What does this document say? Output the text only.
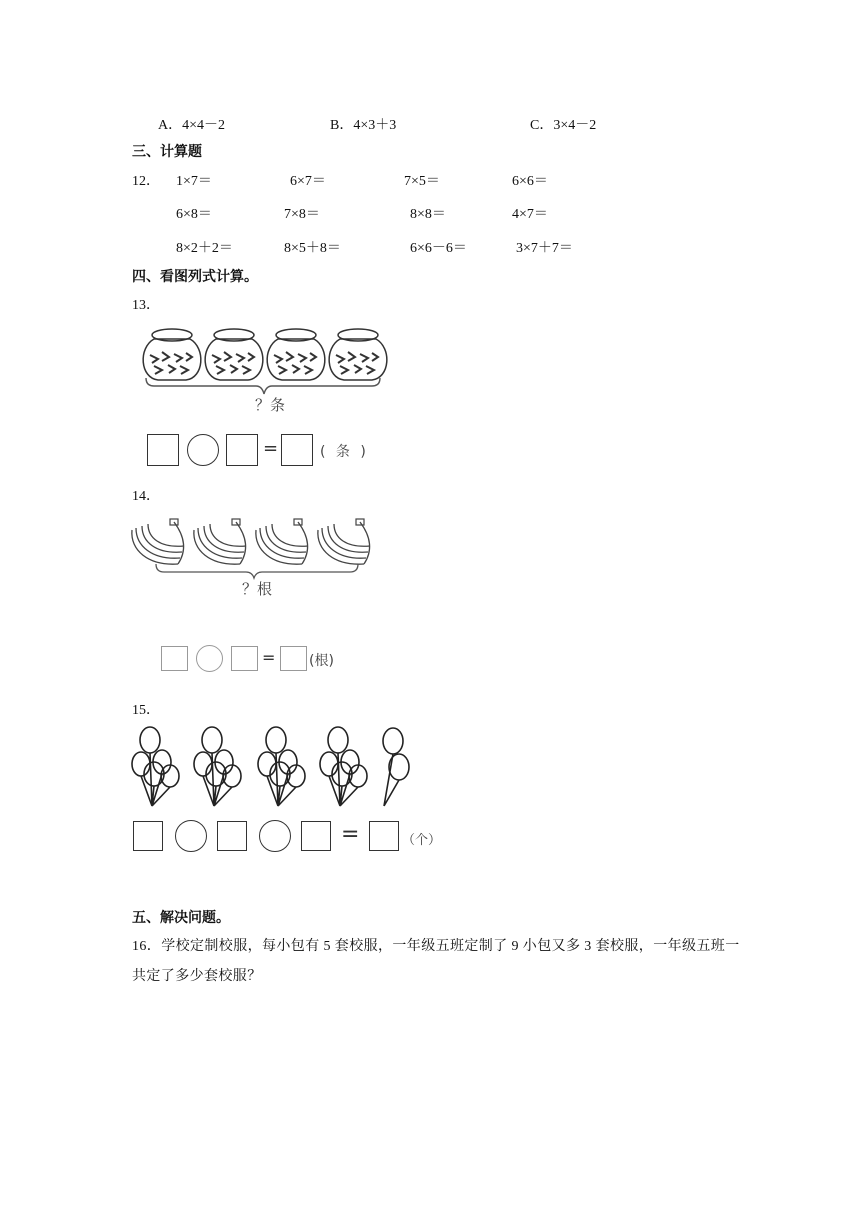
A．4×4－2	B．4×3＋3	C．3×4－2
三、计算题
12． 1×7＝	6×7＝	7×5＝	6×6＝
6×8＝	7×8＝	8×8＝	4×7＝
8×2＋2＝	8×5＋8＝	6×6－6＝	3×7＋7＝
四、看图列式计算。
13．
？条
=	( 条 )
14．
？根
= (根)
15．
=	（个）
五、解决问题。
16．学校定制校服，每小包有 5 套校服，一年级五班定制了 9 小包又多 3 套校服，一年级五班一共定了多少套校服？
